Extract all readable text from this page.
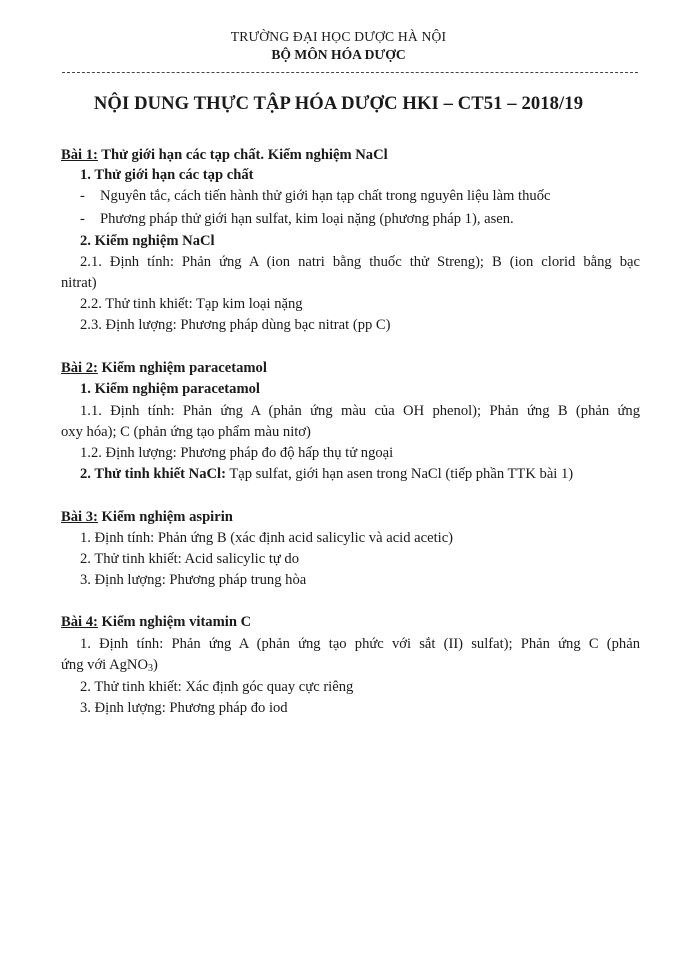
TRƯỜNG ĐẠI HỌC DƯỢC HÀ NỘI
BỘ MÔN HÓA DƯỢC
NỘI DUNG THỰC TẬP HÓA DƯỢC HKI – CT51 – 2018/19
Bài 1: Thử giới hạn các tạp chất. Kiểm nghiệm NaCl
1. Thử giới hạn các tạp chất
- Nguyên tắc, cách tiến hành thử giới hạn tạp chất trong nguyên liệu làm thuốc
- Phương pháp thử giới hạn sulfat, kim loại nặng (phương pháp 1), asen.
2. Kiểm nghiệm NaCl
2.1. Định tính: Phản ứng A (ion natri bằng thuốc thử Streng); B (ion clorid bằng bạc
nitrat)
2.2. Thử tinh khiết: Tạp kim loại nặng
2.3. Định lượng: Phương pháp dùng bạc nitrat (pp C)
Bài 2: Kiểm nghiệm paracetamol
1. Kiểm nghiệm paracetamol
1.1. Định tính: Phản ứng A (phản ứng màu của OH phenol); Phản ứng B (phản ứng
oxy hóa); C (phản ứng tạo phẩm màu nitơ)
1.2. Định lượng: Phương pháp đo độ hấp thụ tử ngoại
2. Thử tinh khiết NaCl: Tạp sulfat, giới hạn asen trong NaCl (tiếp phần TTK bài 1)
Bài 3: Kiểm nghiệm aspirin
1. Định tính: Phản ứng B (xác định acid salicylic và acid acetic)
2. Thử tinh khiết: Acid salicylic tự do
3. Định lượng: Phương pháp trung hòa
Bài 4: Kiểm nghiệm vitamin C
1. Định tính: Phản ứng A (phản ứng tạo phức với sắt (II) sulfat); Phản ứng C (phản
ứng với AgNO$_3$)
2. Thử tinh khiết: Xác định góc quay cực riêng
3. Định lượng: Phương pháp đo iod
